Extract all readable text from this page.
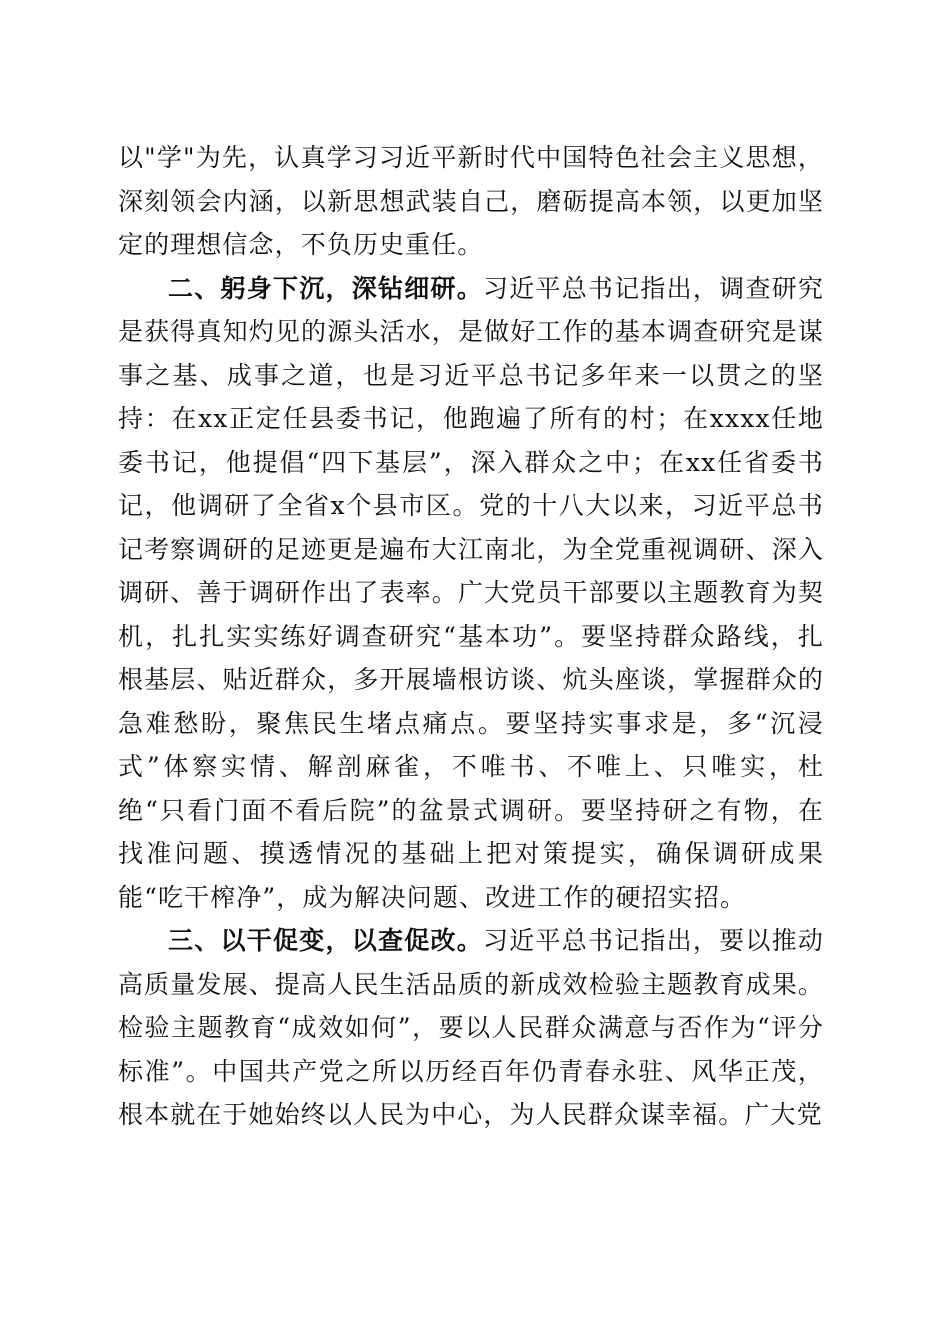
以"学"为先，认真学习习近平新时代中国特色社会主义思想，深刻领会内涵，以新思想武装自己，磨砺提高本领，以更加坚定的理想信念，不负历史重任。

二、躬身下沉，深钻细研。习近平总书记指出，调查研究是获得真知灼见的源头活水，是做好工作的基本调查研究是谋事之基、成事之道，也是习近平总书记多年来一以贯之的坚持：在xx正定任县委书记，他跑遍了所有的村；在xxxx任地委书记，他提倡“四下基层”，深入群众之中；在xx任省委书记，他调研了全省x个县市区。党的十八大以来，习近平总书记考察调研的足迹更是遍布大江南北，为全党重视调研、深入调研、善于调研作出了表率。广大党员干部要以主题教育为契机，扎扎实实练好调查研究“基本功”。要坚持群众路线，扎根基层、贴近群众，多开展墙根访谈、炕头座谈，掌握群众的急难愁盼，聚焦民生堵点痛点。要坚持实事求是，多“沉浸式”体察实情、解剖麻雀，不唯书、不唯上、只唯实，杜绝“只看门面不看后院”的盆景式调研。要坚持研之有物，在找准问题、摸透情况的基础上把对策提实，确保调研成果能“吃干榨净”，成为解决问题、改进工作的硬招实招。

三、以干促变，以查促改。习近平总书记指出，要以推动高质量发展、提高人民生活品质的新成效检验主题教育成果。检验主题教育“成效如何”，要以人民群众满意与否作为“评分标准”。中国共产党之所以历经百年仍青春永驻、风华正茂，根本就在于她始终以人民为中心，为人民群众谋幸福。广大党
